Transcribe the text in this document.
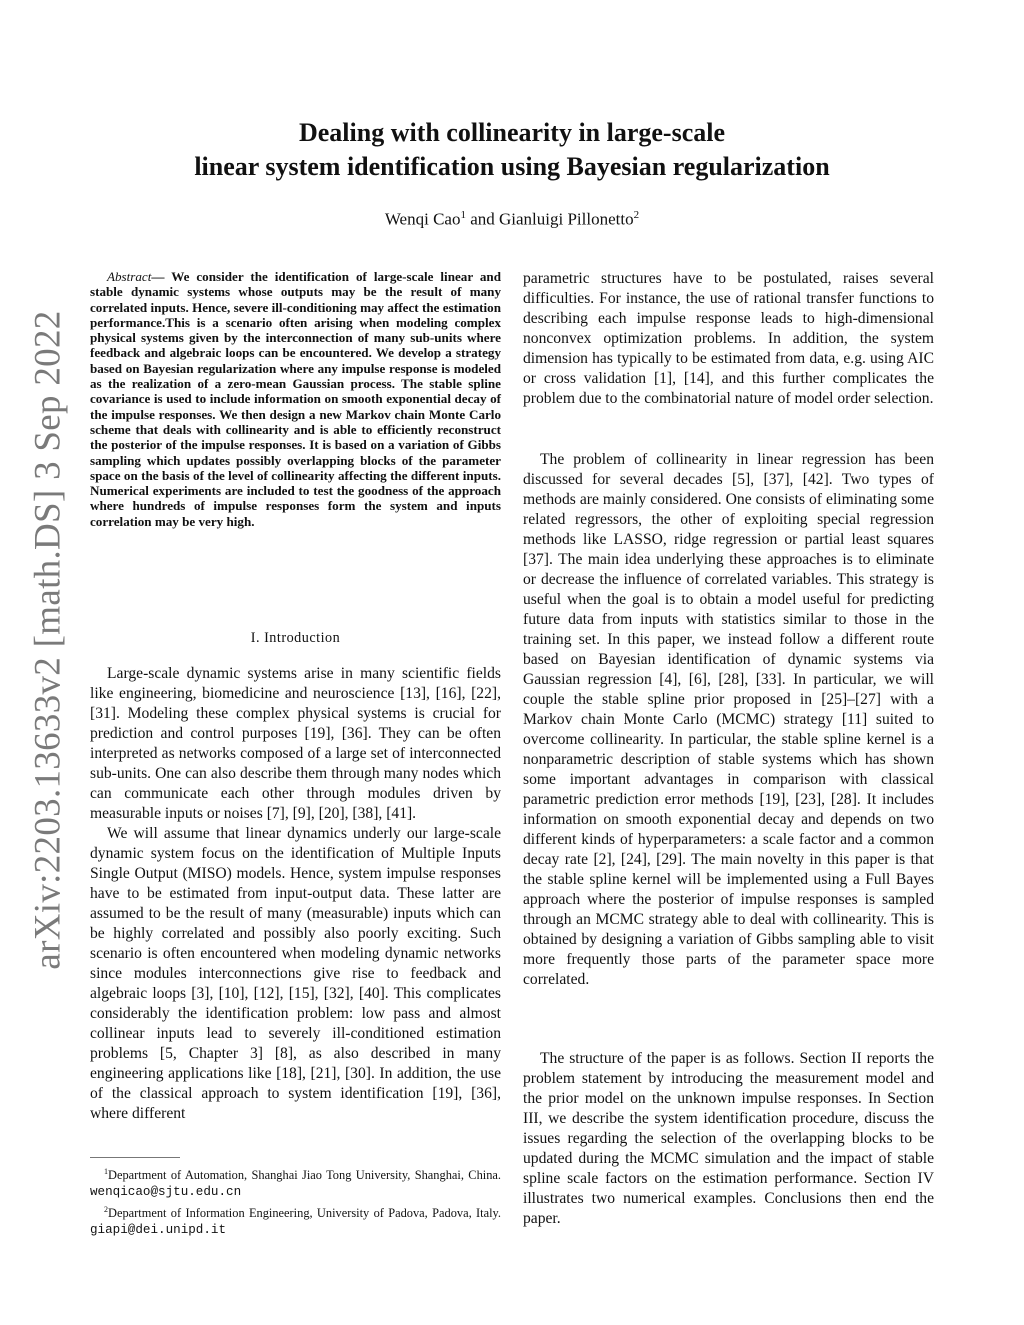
arXiv:2203.13633v2 [math.DS] 3 Sep 2022
Dealing with collinearity in large-scale
linear system identification using Bayesian regularization
Wenqi Cao$^1$ and Gianluigi Pillonetto$^2$
Abstract— We consider the identification of large-scale linear and stable dynamic systems whose outputs may be the result of many correlated inputs. Hence, severe ill-conditioning may affect the estimation performance.This is a scenario often arising when modeling complex physical systems given by the interconnection of many sub-units where feedback and algebraic loops can be encountered. We develop a strategy based on Bayesian regularization where any impulse response is modeled as the realization of a zero-mean Gaussian process. The stable spline covariance is used to include information on smooth exponential decay of the impulse responses. We then design a new Markov chain Monte Carlo scheme that deals with collinearity and is able to efficiently reconstruct the posterior of the impulse responses. It is based on a variation of Gibbs sampling which updates possibly overlapping blocks of the parameter space on the basis of the level of collinearity affecting the different inputs. Numerical experiments are included to test the goodness of the approach where hundreds of impulse responses form the system and inputs correlation may be very high.
I. Introduction

Large-scale dynamic systems arise in many scientific fields like engineering, biomedicine and neuroscience [13], [16], [22], [31]. Modeling these complex physical systems is crucial for prediction and control purposes [19], [36]. They can be often interpreted as networks composed of a large set of interconnected sub-units. One can also describe them through many nodes which can communicate each other through modules driven by measurable inputs or noises [7], [9], [20], [38], [41].

We will assume that linear dynamics underly our large-scale dynamic system focus on the identification of Multiple Inputs Single Output (MISO) models. Hence, system impulse responses have to be estimated from input-output data. These latter are assumed to be the result of many (measurable) inputs which can be highly correlated and possibly also poorly exciting. Such scenario is often encountered when modeling dynamic networks since modules interconnections give rise to feedback and algebraic loops [3], [10], [12], [15], [32], [40]. This complicates considerably the identification problem: low pass and almost collinear inputs lead to severely ill-conditioned estimation problems [5, Chapter 3] [8], as also described in many engineering applications like [18], [21], [30]. In addition, the use of the classical approach to system identification [19], [36], where different

$^1$Department of Automation, Shanghai Jiao Tong University, Shanghai, China. wenqicao@sjtu.edu.cn

$^2$Department of Information Engineering, University of Padova, Padova, Italy. giapi@dei.unipd.it

parametric structures have to be postulated, raises several difficulties. For instance, the use of rational transfer functions to describing each impulse response leads to high-dimensional nonconvex optimization problems. In addition, the system dimension has typically to be estimated from data, e.g. using AIC or cross validation [1], [14], and this further complicates the problem due to the combinatorial nature of model order selection.

The problem of collinearity in linear regression has been discussed for several decades [5], [37], [42]. Two types of methods are mainly considered. One consists of eliminating some related regressors, the other of exploiting special regression methods like LASSO, ridge regression or partial least squares [37]. The main idea underlying these approaches is to eliminate or decrease the influence of correlated variables. This strategy is useful when the goal is to obtain a model useful for predicting future data from inputs with statistics similar to those in the training set. In this paper, we instead follow a different route based on Bayesian identification of dynamic systems via Gaussian regression [4], [6], [28], [33]. In particular, we will couple the stable spline prior proposed in [25]–[27] with a Markov chain Monte Carlo (MCMC) strategy [11] suited to overcome collinearity. In particular, the stable spline kernel is a nonparametric description of stable systems which has shown some important advantages in comparison with classical parametric prediction error methods [19], [23], [28]. It includes information on smooth exponential decay and depends on two different kinds of hyperparameters: a scale factor and a common decay rate [2], [24], [29]. The main novelty in this paper is that the stable spline kernel will be implemented using a Full Bayes approach where the posterior of impulse responses is sampled through an MCMC strategy able to deal with collinearity. This is obtained by designing a variation of Gibbs sampling able to visit more frequently those parts of the parameter space more correlated.

The structure of the paper is as follows. Section II reports the problem statement by introducing the measurement model and the prior model on the unknown impulse responses. In Section III, we describe the system identification procedure, discuss the issues regarding the selection of the overlapping blocks to be updated during the MCMC simulation and the impact of stable spline scale factors on the estimation performance. Section IV illustrates two numerical examples. Conclusions then end the paper.
